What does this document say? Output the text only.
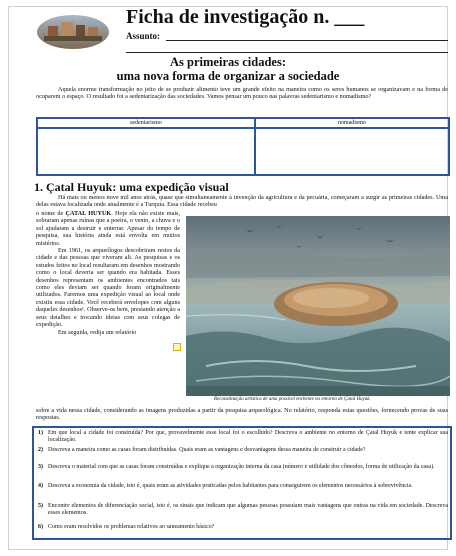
Ficha de investigação n. ___
Assunto:
As primeiras cidades:
uma nova forma de organizar a sociedade
Aquela enorme transformação no jeito de se produzir alimento teve um grande efeito na maneira como os seres humanos se organizavam e na forma de ocuparem o espaço. O resultado foi a sedentarização das sociedades. Vamos pensar um pouco nas palavras sedentarismo e nomadismo?
sedentarismo	nomadismo

1. Çatal Huyuk: uma expedição visual
Há mais ou menos nove mil anos atrás, quase que simultaneamente à invenção da agricultura e da pecuária, começaram a surgir as primeiras cidades. Uma delas estava localizada onde atualmente é a Turquia. Essa cidade recebeu
o nome de ÇATAL HUYUK. Hoje ela não existe mais, sobraram apenas ruínas que a poeira, o vento, a chuva e o sol ajudaram a destruir e enterrar. Apesar do tempo de pesquisa, sua história ainda está envolta em muitos mistérios.
Em 1961, os arqueólogos descobriram restos da cidade e das pessoas que viveram ali. As pesquisas e os estudos feitos no local resultaram em desenhos mostrando como o local deveria ser quando era habitada. Esses desenhos representam os ambientes encontrados tais como eles deviam ser quando foram originalmente utilizados. Faremos uma expedição visual ao local onde existiu essa cidade. Você receberá envelopes com alguns daqueles desenhos¹. Observe-os bem, prestando atenção a seus detalhes e trocando ideias com seus colegas de expedição.
Em seguida, redija um relatório
Reconstituição artística de uma possível enchente no entorno de Çatal Huyuk.
sobre a vida nessa cidade, considerando as imagens produzidas a partir da pesquisa arqueológica. No relatório, responda estas questões, fornecendo provas de suas respostas.
1) Em que local a cidade foi construída? Por que, provavelmente esse local foi o escolhido? Descreva o ambiente no entorno de Çatal Huyuk e tente explicar sua localização.
2) Descreva a maneira como as casas foram distribuídas. Quais eram as vantagens e desvantagens dessa maneira de construir a cidade?
3) Descreva o material com que as casas foram construídas e explique a organização interna da casa (número e utilidade dos cômodos, forma de utilização da casa).
4) Descreva a economia da cidade, isto é, quais eram as atividades praticadas pelos habitantes para conseguirem os elementos necessários à sobrevivência.
5) Encontre elementos de diferenciação social, isto é, os sinais que indicam que algumas pessoas possuíam mais vantagens que outras na vida em sociedade. Descreva esses elementos.
6) Como eram resolvidos os problemas relativos ao saneamento básico?
